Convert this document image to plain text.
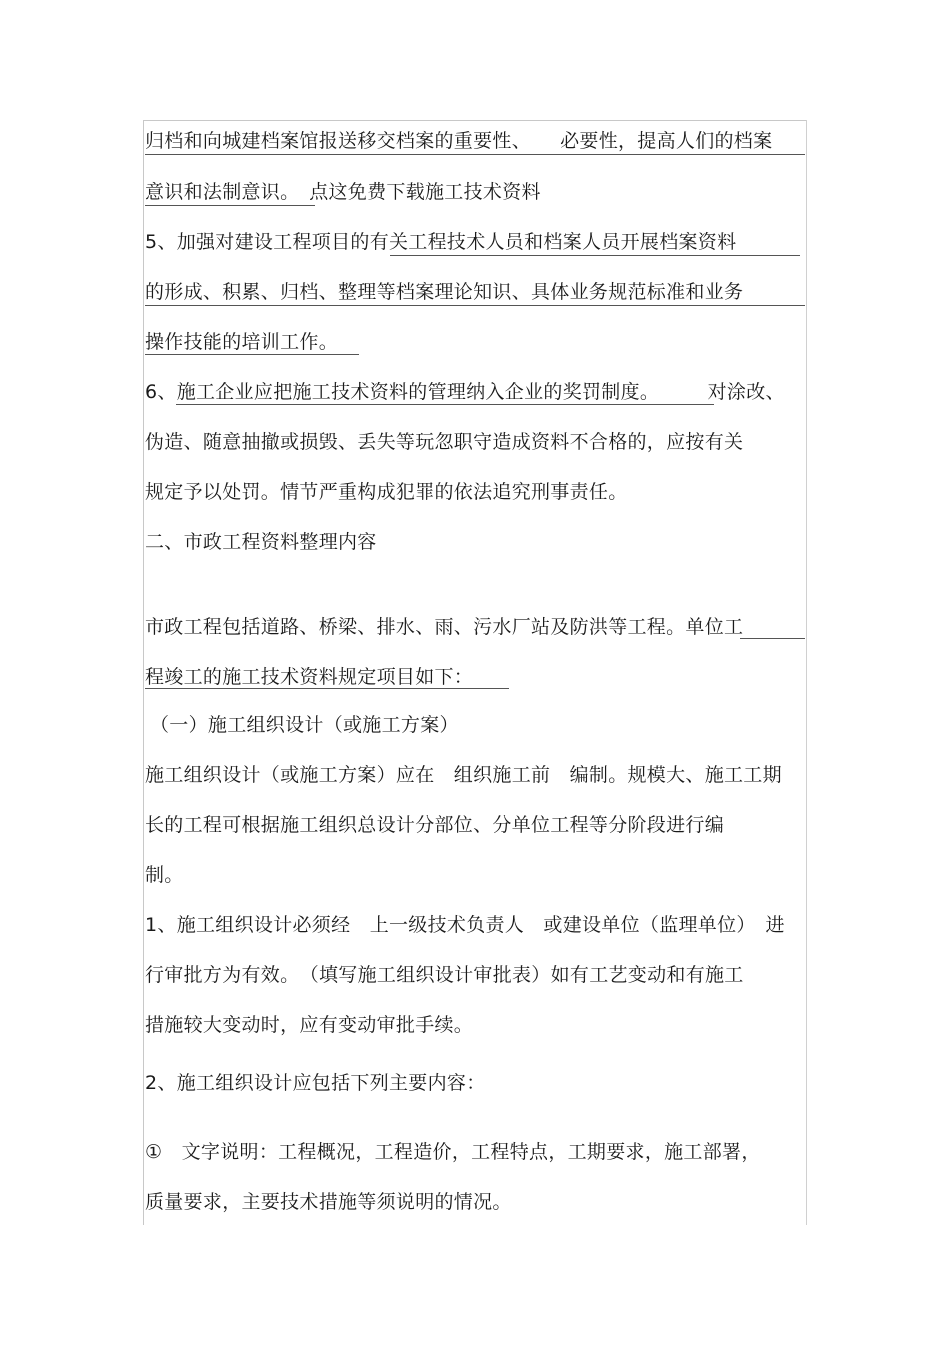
归档和向城建档案馆报送移交档案的重要性、　　必要性，提高人们的档案
意识和法制意识。　点这免费下载施工技术资料
5、加强对建设工程项目的有关工程技术人员和档案人员开展档案资料
的形成、积累、归档、整理等档案理论知识、具体业务规范标准和业务
操作技能的培训工作。
6、施工企业应把施工技术资料的管理纳入企业的奖罚制度。　　　对涂改、
伪造、随意抽撤或损毁、丢失等玩忽职守造成资料不合格的，应按有关
规定予以处罚。情节严重构成犯罪的依法追究刑事责任。
二、市政工程资料整理内容
市政工程包括道路、桥梁、排水、雨、污水厂站及防洪等工程。单位工
程竣工的施工技术资料规定项目如下：
（一）施工组织设计（或施工方案）
施工组织设计（或施工方案）应在　组织施工前　编制。规模大、施工工期
长的工程可根据施工组织总设计分部位、分单位工程等分阶段进行编
制。
1、施工组织设计必须经　上一级技术负责人　或建设单位（监理单位）　进
行审批方为有效。　（填写施工组织设计审批表）如有工艺变动和有施工
措施较大变动时，应有变动审批手续。
2、施工组织设计应包括下列主要内容：
①　文字说明：工程概况，工程造价，工程特点，工期要求，施工部署，
质量要求，主要技术措施等须说明的情况。
